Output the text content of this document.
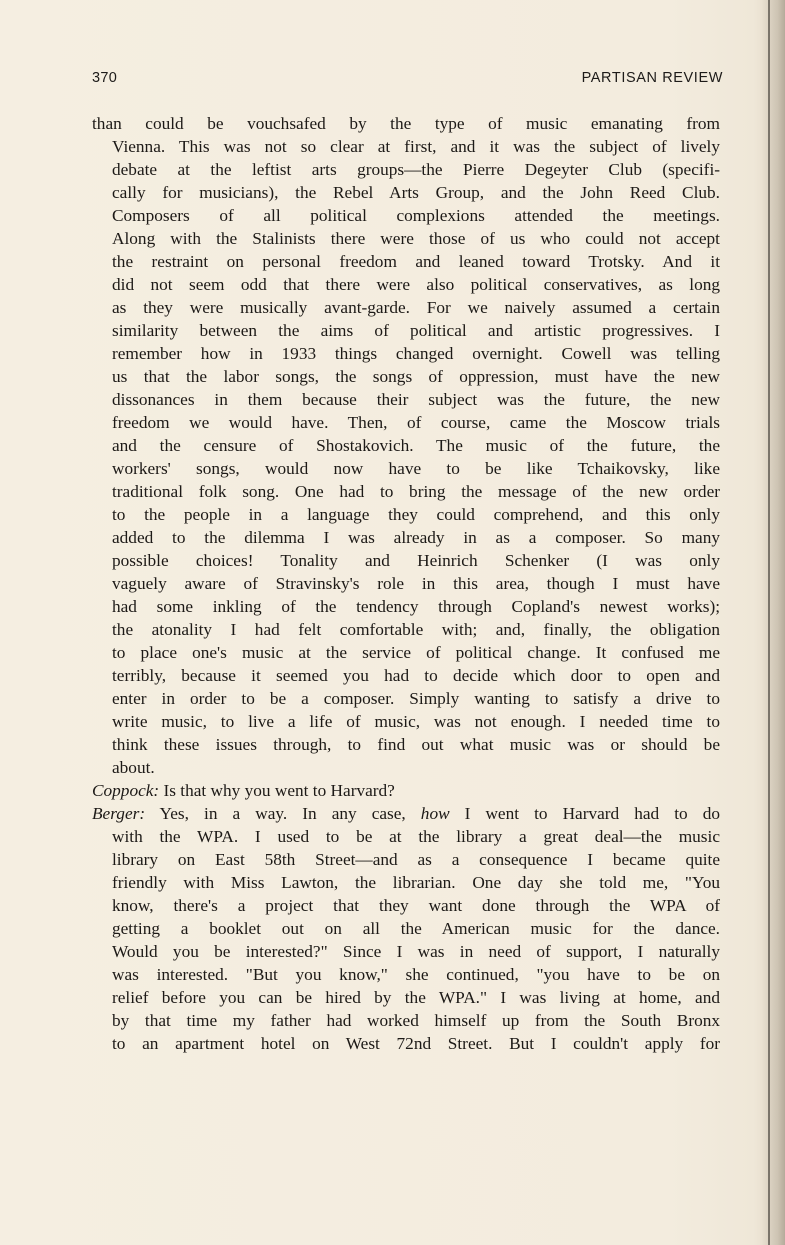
370	PARTISAN REVIEW
than could be vouchsafed by the type of music emanating from
Vienna. This was not so clear at first, and it was the subject of lively
debate at the leftist arts groups—the Pierre Degeyter Club (specifi-
cally for musicians), the Rebel Arts Group, and the John Reed Club.
Composers of all political complexions attended the meetings.
Along with the Stalinists there were those of us who could not accept
the restraint on personal freedom and leaned toward Trotsky. And it
did not seem odd that there were also political conservatives, as long
as they were musically avant-garde. For we naively assumed a certain
similarity between the aims of political and artistic progressives. I
remember how in 1933 things changed overnight. Cowell was telling
us that the labor songs, the songs of oppression, must have the new
dissonances in them because their subject was the future, the new
freedom we would have. Then, of course, came the Moscow trials
and the censure of Shostakovich. The music of the future, the
workers' songs, would now have to be like Tchaikovsky, like
traditional folk song. One had to bring the message of the new order
to the people in a language they could comprehend, and this only
added to the dilemma I was already in as a composer. So many
possible choices! Tonality and Heinrich Schenker (I was only
vaguely aware of Stravinsky's role in this area, though I must have
had some inkling of the tendency through Copland's newest works);
the atonality I had felt comfortable with; and, finally, the obligation
to place one's music at the service of political change. It confused me
terribly, because it seemed you had to decide which door to open and
enter in order to be a composer. Simply wanting to satisfy a drive to
write music, to live a life of music, was not enough. I needed time to
think these issues through, to find out what music was or should be
about.
Coppock: Is that why you went to Harvard?
Berger: Yes, in a way. In any case, how I went to Harvard had to do
with the WPA. I used to be at the library a great deal—the music
library on East 58th Street—and as a consequence I became quite
friendly with Miss Lawton, the librarian. One day she told me, "You
know, there's a project that they want done through the WPA of
getting a booklet out on all the American music for the dance.
Would you be interested?" Since I was in need of support, I naturally
was interested. "But you know," she continued, "you have to be on
relief before you can be hired by the WPA." I was living at home, and
by that time my father had worked himself up from the South Bronx
to an apartment hotel on West 72nd Street. But I couldn't apply for
